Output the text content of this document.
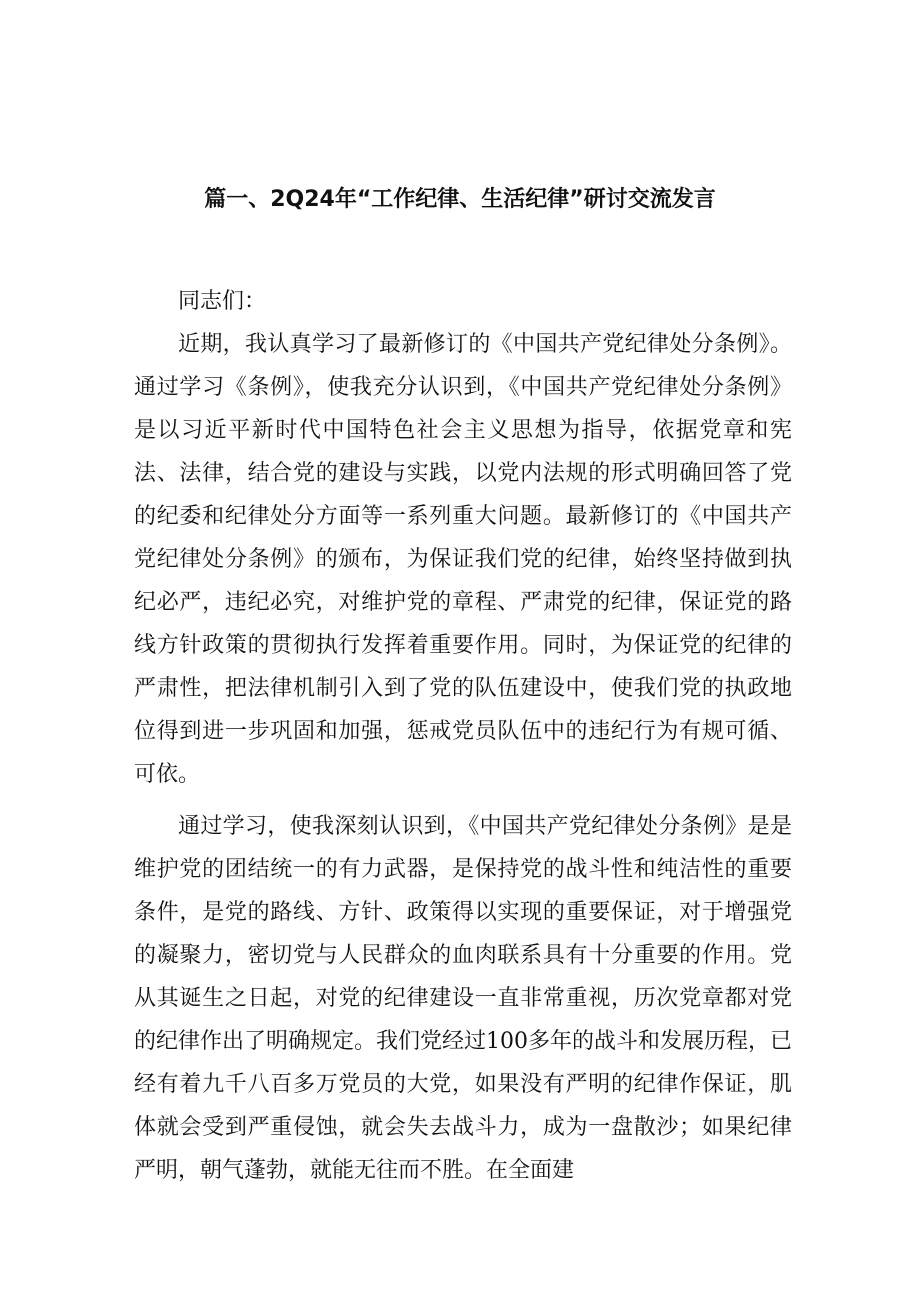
篇一、2Q24年“工作纪律、生活纪律”研讨交流发言

同志们：

近期，我认真学习了最新修订的《中国共产党纪律处分条例》。通过学习《条例》，使我充分认识到，《中国共产党纪律处分条例》是以习近平新时代中国特色社会主义思想为指导，依据党章和宪法、法律，结合党的建设与实践，以党内法规的形式明确回答了党的纪委和纪律处分方面等一系列重大问题。最新修订的《中国共产党纪律处分条例》的颁布，为保证我们党的纪律，始终坚持做到执纪必严，违纪必究，对维护党的章程、严肃党的纪律，保证党的路线方针政策的贯彻执行发挥着重要作用。同时，为保证党的纪律的严肃性，把法律机制引入到了党的队伍建设中，使我们党的执政地位得到进一步巩固和加强，惩戒党员队伍中的违纪行为有规可循、可依。

通过学习，使我深刻认识到，《中国共产党纪律处分条例》是是维护党的团结统一的有力武器，是保持党的战斗性和纯洁性的重要条件，是党的路线、方针、政策得以实现的重要保证，对于增强党的凝聚力，密切党与人民群众的血肉联系具有十分重要的作用。党从其诞生之日起，对党的纪律建设一直非常重视，历次党章都对党的纪律作出了明确规定。我们党经过100多年的战斗和发展历程，已经有着九千八百多万党员的大党，如果没有严明的纪律作保证，肌体就会受到严重侵蚀，就会失去战斗力，成为一盘散沙；如果纪律严明，朝气蓬勃，就能无往而不胜。在全面建
